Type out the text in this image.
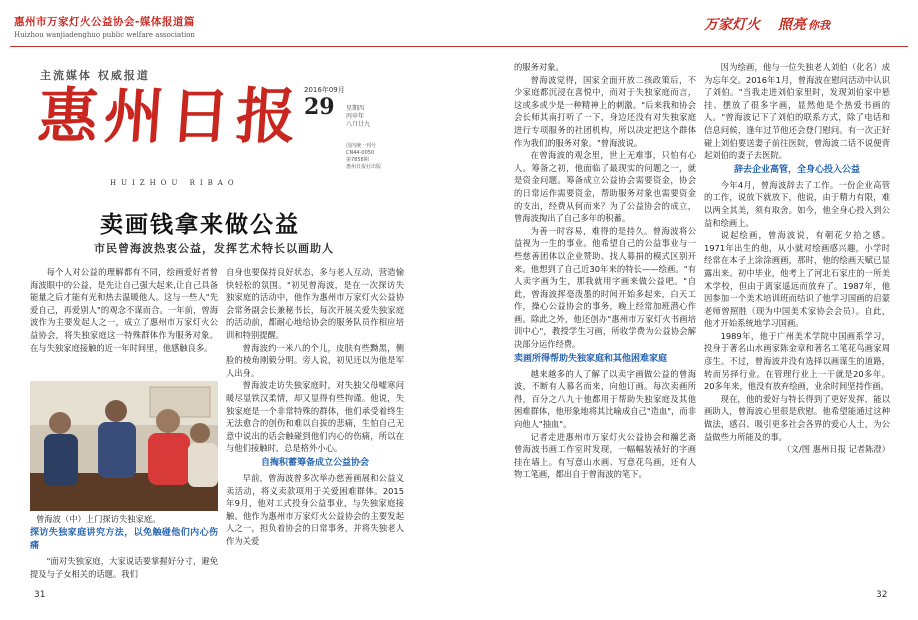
惠州市万家灯火公益协会-媒体报道篇
Huizhou wanjiadenghuo public welfare association
万家灯火 照亮 你我
主流媒体 权威报道
惠州日报
HUIZHOU RIBAO
2016年09月
29	星期四
丙申年
八月廿九
国内统一刊号
CN44-0050
第7858期
惠州日报社出版
卖画钱拿来做公益
市民曾海波热衷公益，发挥艺术特长以画助人

每个人对公益的理解都有不同，绘画爱好者曾海波眼中的公益，是先让自己强大起来,让自己具备能量之后才能有光和热去温暖他人。这与一些人"先爱自己，再爱别人"的观念不谋而合。一年前，曾海波作为主要发起人之一，成立了惠州市万家灯火公益协会，将失独家庭这一特殊群体作为服务对象。在与失独家庭接触的近一年时间里，他感触良多。

曾海波（中）上门探访失独家庭。

探访失独家庭讲究方法，以免触碰他们内心伤痛

"面对失独家庭，大家说话要掌握好分寸，避免提及与子女相关的话题。我们

自身也要保持良好状态，多与老人互动，营造愉快轻松的氛围。"初见曾海波，是在一次探访失独家庭的活动中，他作为惠州市万家灯火公益协会常务副会长兼秘书长，每次开展关爱失独家庭的活动前，都耐心地给协会的服务队员作相应培训和特别提醒。

曾海波约一米八的个儿，皮肤有些黝黑，侧脸的棱角刚毅分明。旁人说，初见还以为他是军人出身。

曾海波走访失独家庭时，对失独父母嘘寒问暖尽显铁汉柔情，却又显得有些拘谨。他说，失独家庭是一个非常特殊的群体，他们承受着终生无法愈合的创伤和难以自拔的悲痛，生怕自己无意中说出的话会触碰到他们内心的伤痛，所以在与他们接触时，总是格外小心。

自掏积蓄筹备成立公益协会

早前，曾海波曾多次举办慈善画展和公益义卖活动，将义卖款项用于关爱困难群体。2015年9月，他对工式投身公益事业，与失独家庭接触。他作为惠州市万家灯火公益协会的主要发起人之一，担负着协会的日常事务，并将失独老人作为关爱

的服务对象。

曾海波觉得，国家全面开放二孩政策后，不少家庭都沉浸在喜悦中，而对于失独家庭而言，这或多或少是一种精神上的刺激。"后来我和协会会长师其南打听了一下，身边还没有对失独家庭进行专项服务的社团机构，所以决定把这个群体作为我们的服务对象。"曾海波说。

在曾海波的观念里，世上无难事，只怕有心人。筹备之初，他面临了最现实的问题之一，就是资金问题。筹备成立公益协会需要资金，协会的日常运作需要资金，帮助服务对象也需要资金的支出，经费从何而来？为了公益协会的成立，曾海波掏出了自己多年的积蓄。

为善一时容易，难得的是持久。曾海波将公益视为一生的事业。他希望自己的公益事业与一些慈善团体以企业赞助、找人募捐的模式区别开来。他想到了自己近30年来的特长——绘画。"有人卖字画为生，那我就用字画来做公益吧。"自此，曾海波挥毫泼墨的时间开始多起来，白天工作，操心公益协会的事务，晚上经常加班潜心作画。除此之外，他还创办"惠州市万家灯火书画培训中心"，教授学生习画，所收学费为公益协会解决部分运作经费。

卖画所得帮助失独家庭和其他困难家庭

越来越多的人了解了以卖字画做公益的曾海波，不断有人慕名而来，向他订画。每次卖画所得，百分之八九十他都用于帮助失独家庭及其他困难群体，他形象地将其比喻成自己"造血"，而非向他人"抽血"。

记者走进惠州市万家灯火公益协会和瀚艺斋曾海波书画工作室时发现，一幅幅装裱好的字画挂在墙上。有写意山水画、写意花鸟画，还有人物工笔画，都出自于曾海波的笔下。

因为绘画，他与一位失独老人刘伯（化名）成为忘年交。2016年1月，曾海波在慰问活动中认识了刘伯。"当我走进刘伯家里时，发现刘伯家中悬挂、摆放了很多字画，显然他是个热爱书画的人。"曾海波记下了刘伯的联系方式，除了电话和信息问候，逢年过节他还会登门慰问。有一次正好碰上刘伯要送妻子前往医院，曾海波二话不说便背起刘伯的妻子去医院。

辞去企业高管，全身心投入公益

今年4月，曾海波辞去了工作。一份企业高管的工作，说放下就放下，他说，由于精力有限，难以两全其美，须有取舍。如今，他全身心投入到公益和绘画上。

说起绘画，曾海波说，有朝花夕拾之感。1971年出生的他，从小就对绘画感兴趣，小学时经常在本子上涂涂画画，那时，他的绘画天赋已显露出来。初中毕业，他考上了河北石家庄的一所美术学校，但由于离家遥远而放弃了。1987年，他因参加一个美术培训班而结识了他学习国画的启蒙老师曾照胜（现为中国美术家协会会员）。自此，他才开始系统地学习国画。

1989年，他于广州美术学院中国画系学习，投身于著名山水画家陈金章和著名工笔花鸟画家周彦生。不过，曾海波并没有选择以画谋生的道路，转而另择行业。在管理行业上一干就是20多年。20多年来，他没有放弃绘画，业余时间坚持作画。

现在，他的爱好与特长得到了更好发挥，能以画助人，曾海波心里很是欣慰。他希望能通过这种做法，感召、吸引更多社会各界的爱心人士，为公益做些力所能及的事。

（文/图 惠州日报 记者陈澄）

31	32
